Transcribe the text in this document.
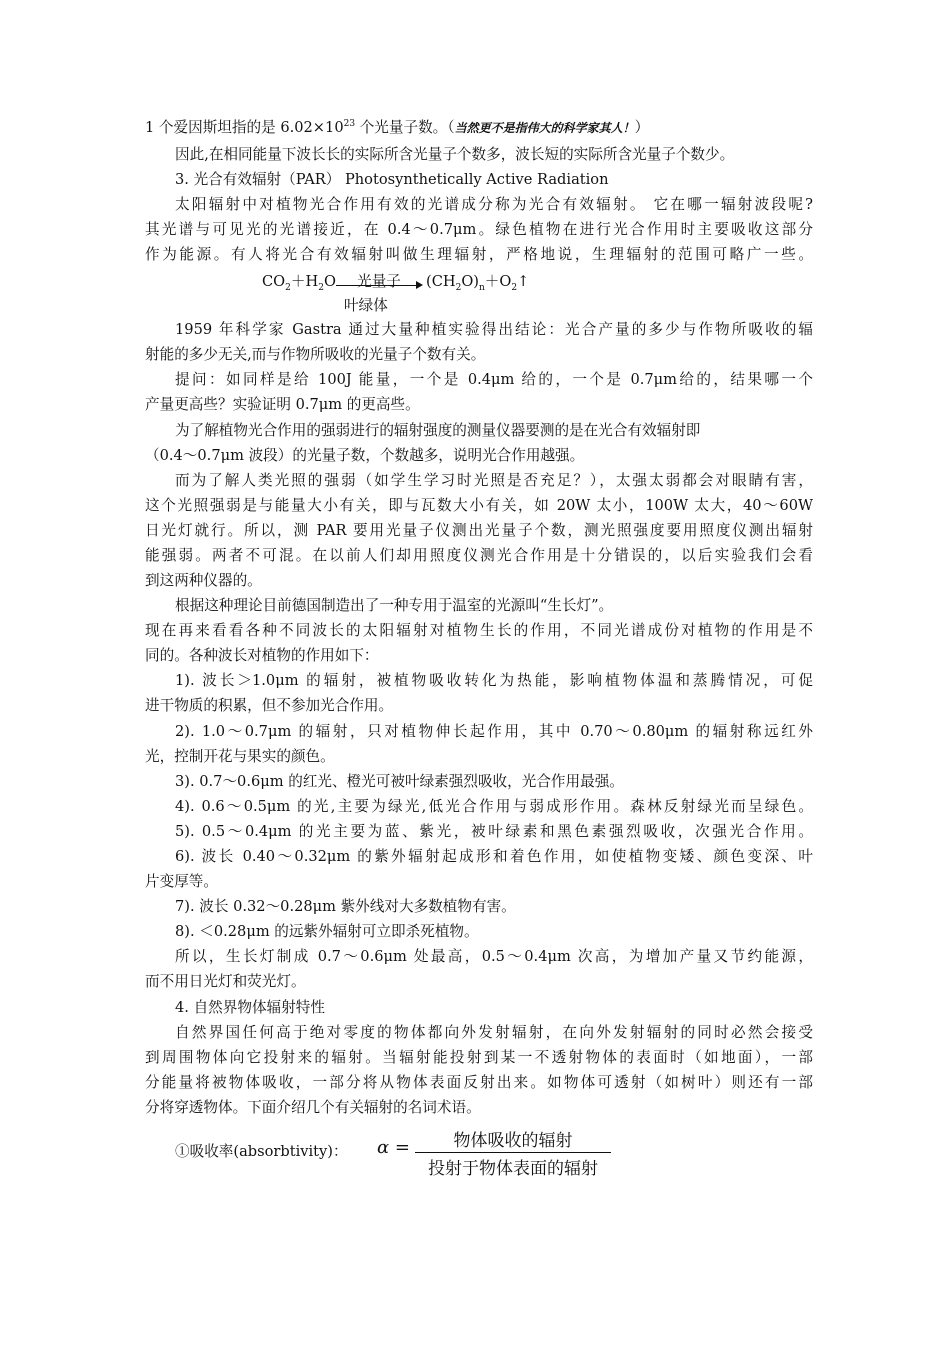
1 个爱因斯坦指的是 $6.02\times 10^{23}$ 个光量子数。（当然更不是指伟大的科学家其人！）
因此,在相同能量下波长长的实际所含光量子个数多，波长短的实际所含光量子个数少。
3. 光合有效辐射（PAR） Photosynthetically Active Radiation
太阳辐射中对植物光合作用有效的光谱成分称为光合有效辐射。 它在哪一辐射波段呢?
其光谱与可见光的光谱接近，在 0.4～0.7μm。绿色植物在进行光合作用时主要吸收这部分
作为能源。有人将光合有效辐射叫做生理辐射，严格地说，生理辐射的范围可略广一些。
$CO_2+H_2O$	光量子	$(CH_2O)_n+O_2↑$
叶绿体
1959 年科学家 Gastra 通过大量种植实验得出结论：光合产量的多少与作物所吸收的辐
射能的多少无关,而与作物所吸收的光量子个数有关。
提问：如同样是给 100J 能量，一个是 0.4μm 给的，一个是 0.7μm给的，结果哪一个
产量更高些？实验证明 0.7μm 的更高些。
为了解植物光合作用的强弱进行的辐射强度的测量仪器要测的是在光合有效辐射即
（0.4～0.7μm 波段）的光量子数，个数越多，说明光合作用越强。
而为了解人类光照的强弱（如学生学习时光照是否充足？），太强太弱都会对眼睛有害，
这个光照强弱是与能量大小有关，即与瓦数大小有关，如 20W 太小，100W 太大，40～60W
日光灯就行。所以，测 PAR 要用光量子仪测出光量子个数，测光照强度要用照度仪测出辐射
能强弱。两者不可混。在以前人们却用照度仪测光合作用是十分错误的，以后实验我们会看
到这两种仪器的。
根据这种理论目前德国制造出了一种专用于温室的光源叫“生长灯”。
现在再来看看各种不同波长的太阳辐射对植物生长的作用，不同光谱成份对植物的作用是不
同的。各种波长对植物的作用如下：
1). 波长＞1.0μm 的辐射，被植物吸收转化为热能，影响植物体温和蒸腾情况，可促
进干物质的积累，但不参加光合作用。
2). 1.0～0.7μm 的辐射，只对植物伸长起作用，其中 0.70～0.80μm 的辐射称远红外
光，控制开花与果实的颜色。
3). 0.7～0.6μm 的红光、橙光可被叶绿素强烈吸收，光合作用最强。
4). 0.6～0.5μm 的光,主要为绿光,低光合作用与弱成形作用。森林反射绿光而呈绿色。
5). 0.5～0.4μm 的光主要为蓝、紫光，被叶绿素和黑色素强烈吸收，次强光合作用。
6). 波长 0.40～0.32μm 的紫外辐射起成形和着色作用，如使植物变矮、颜色变深、叶
片变厚等。
7). 波长 0.32～0.28μm 紫外线对大多数植物有害。
8). ＜0.28μm 的远紫外辐射可立即杀死植物。
所以，生长灯制成 0.7～0.6μm 处最高，0.5～0.4μm 次高，为增加产量又节约能源，
而不用日光灯和荧光灯。
4. 自然界物体辐射特性
自然界国任何高于绝对零度的物体都向外发射辐射，在向外发射辐射的同时必然会接受
到周围物体向它投射来的辐射。当辐射能投射到某一不透射物体的表面时（如地面），一部
分能量将被物体吸收，一部分将从物体表面反射出来。如物体可透射（如树叶）则还有一部
分将穿透物体。下面介绍几个有关辐射的名词术语。
①吸收率(absorbtivity)： α =	物体吸收的辐射
投射于物体表面的辐射
